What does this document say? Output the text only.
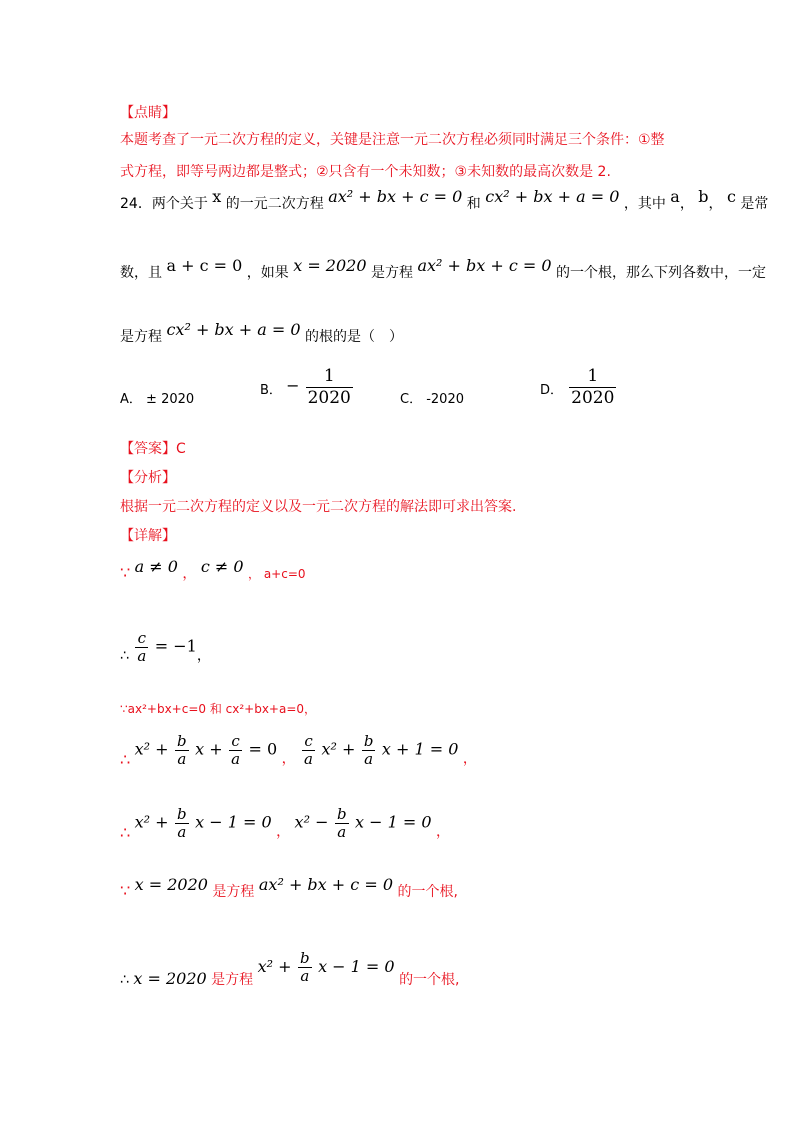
【点睛】
本题考查了一元二次方程的定义，关键是注意一元二次方程必须同时满足三个条件：①整
式方程，即等号两边都是整式；②只含有一个未知数；③未知数的最高次数是 2.
24．两个关于 x 的一元二次方程 ax² + bx + c = 0 和 cx² + bx + a = 0 ，其中 a， b， c 是常
数，且 a + c = 0 ，如果 x = 2020 是方程 ax² + bx + c = 0 的一个根，那么下列各数中，一定
是方程 cx² + bx + a = 0 的根的是（　）
A． ± 2020
B． − $\frac{1}{2020}$	C． -2020
D． $\frac{1}{2020}$
【答案】C
【分析】
根据一元二次方程的定义以及一元二次方程的解法即可求出答案.
【详解】
∵ a ≠ 0 ， c ≠ 0 ， a+c=0
∴ $\frac{c}{a} = -1$，
∵ax²+bx+c=0 和 cx²+bx+a=0，
∴ $x^2 + \frac{b}{a}$ $x + \frac{c}{a} = 0$ ， $\frac{c}{a} x^2 + \frac{b}{a}$ x + 1 = 0 ，
∴ $x^2 + \frac{b}{a}$ x − 1 = 0 ， $x^2 - \frac{b}{a}$ x − 1 = 0 ，
∵ x = 2020 是方程 ax² + bx + c = 0 的一个根,
∴ x = 2020 是方程 $x^2 + \frac{b}{a}$ x − 1 = 0 的一个根,
